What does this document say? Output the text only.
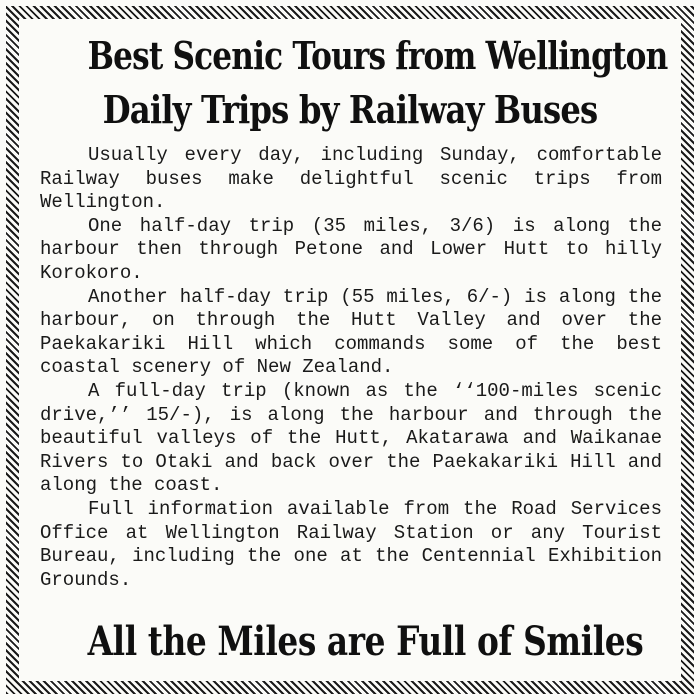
Best Scenic Tours from Wellington
Daily Trips by Railway Buses

Usually every day, including Sunday, comfortable Railway buses make delightful scenic trips from Wellington.

One half-day trip (35 miles, 3/6) is along the harbour then through Petone and Lower Hutt to hilly Korokoro.

Another half-day trip (55 miles, 6/-) is along the harbour, on through the Hutt Valley and over the Paekakariki Hill which commands some of the best coastal scenery of New Zealand.

A full-day trip (known as the ‘‘100-miles scenic drive,’’ 15/-), is along the harbour and through the beautiful valleys of the Hutt, Akatarawa and Waikanae Rivers to Otaki and back over the Paekakariki Hill and along the coast.

Full information available from the Road Services Office at Wellington Railway Station or any Tourist Bureau, including the one at the Centennial Exhibition Grounds.

All the Miles are Full of Smiles
